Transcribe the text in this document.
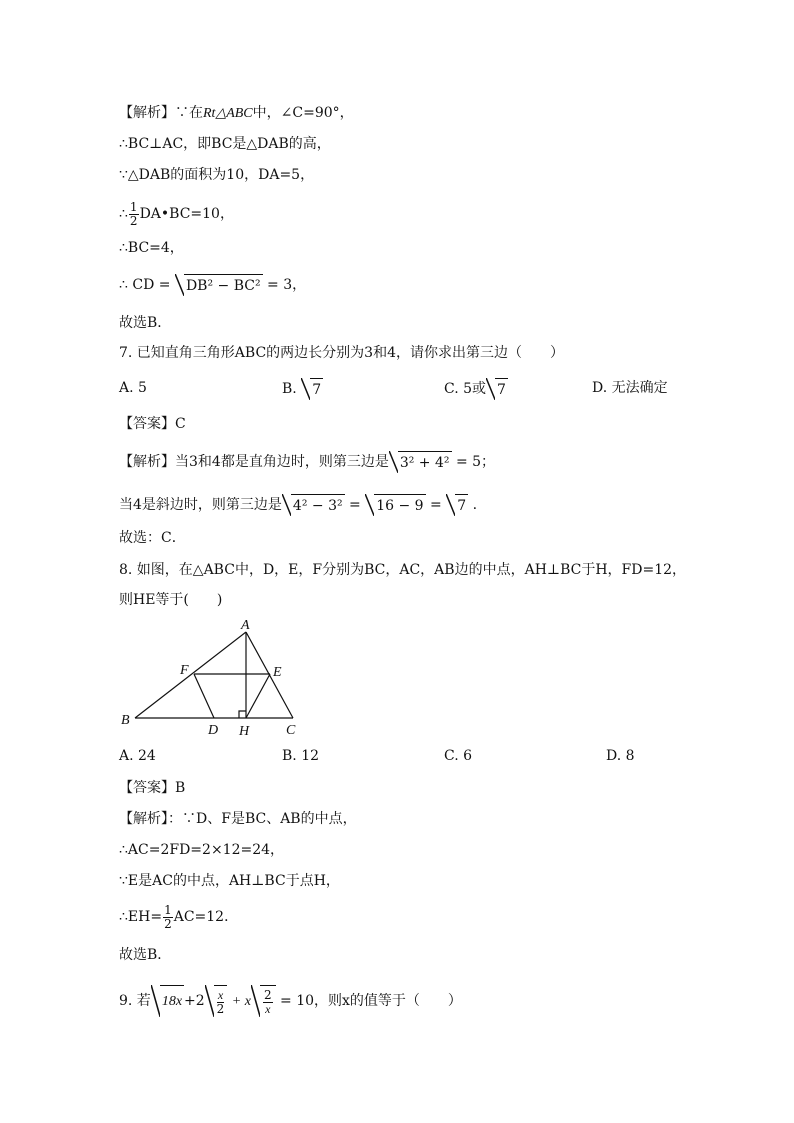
【解析】∵在Rt△ABC中，∠C=90°，
∴BC⊥AC，即BC是△DAB的高，
∵△DAB的面积为10，DA=5，
∴ $\frac{1}{2}$ DA•BC=10，
∴BC=4，
∴ CD = DB² − BC² = 3，
故选B．
7. 已知直角三角形ABC的两边长分别为3和4，请你求出第三边（　　）
A. 5	B. 7	C. 5或 7	D. 无法确定
【答案】C
【解析】当3和4都是直角边时，则第三边是 3² + 4² = 5；
当4是斜边时，则第三边是 4² − 3² = 16 − 9 = 7 .
故选：C．
8. 如图，在△ABC中，D，E，F分别为BC，AC，AB边的中点，AH⊥BC于H，FD=12，
则HE等于(　　)
A
B
C
D
E
F
H
A. 24	B. 12	C. 6	D. 8
【答案】B
【解析】：∵D、F是BC、AB的中点，
∴AC=2FD=2×12=24，
∵E是AC的中点，AH⊥BC于点H，
∴EH= $\frac{1}{2} AC=12$．
故选B．
9. 若 $18x +2 \frac{x}{2} + x \frac{2}{x} = 10$，则x的值等于（　　）
